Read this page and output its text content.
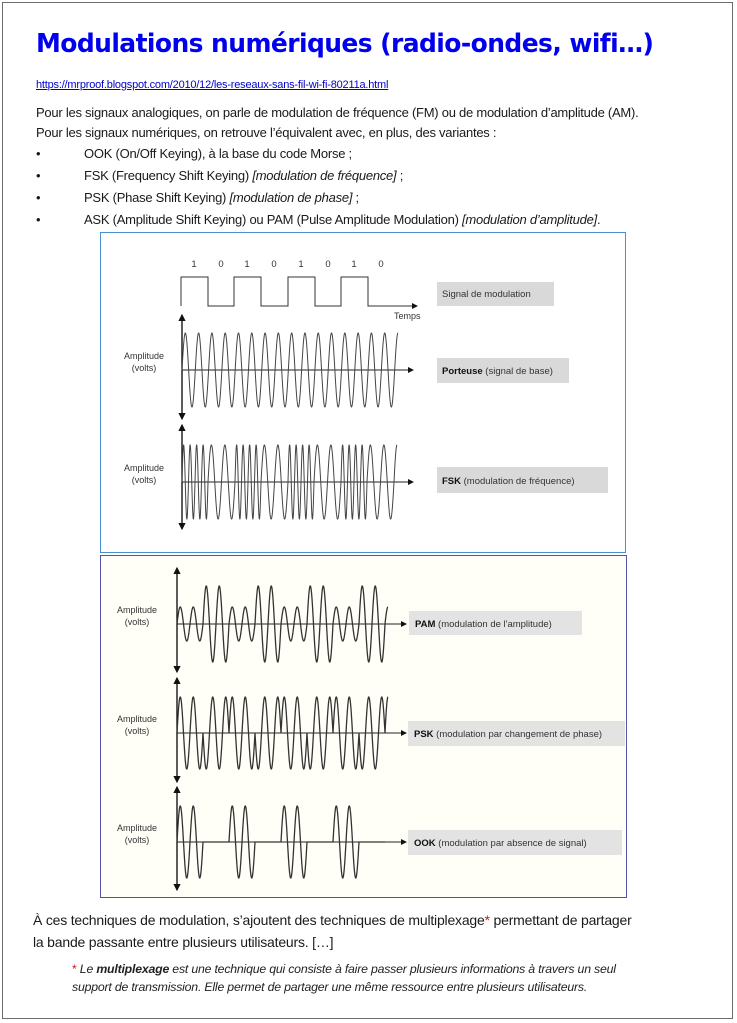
Modulations numériques (radio-ondes, wifi…)
https://mrproof.blogspot.com/2010/12/les-reseaux-sans-fil-wi-fi-80211a.html
Pour les signaux analogiques, on parle de modulation de fréquence (FM) ou de modulation d’amplitude (AM).
Pour les signaux numériques, on retrouve l’équivalent avec, en plus, des variantes :
•	OOK (On/Off Keying), à la base du code Morse ;
•	FSK (Frequency Shift Keying) [modulation de fréquence] ;
•	PSK (Phase Shift Keying) [modulation de phase] ;
•	ASK (Amplitude Shift Keying) ou PAM (Pulse Amplitude Modulation) [modulation d’amplitude].
1 0 1 0 1 0 1 0
Temps
Signal de modulation
Amplitude
(volts)	Porteuse (signal de base)
Amplitude
(volts)	FSK (modulation de fréquence)
Amplitude
(volts)	PAM (modulation de l'amplitude)
Amplitude
(volts)	PSK (modulation par changement de phase)
Amplitude
(volts)	OOK (modulation par absence de signal)
À ces techniques de modulation, s’ajoutent des techniques de multiplexage* permettant de partager
la bande passante entre plusieurs utilisateurs. […]
* Le multiplexage est une technique qui consiste à faire passer plusieurs informations à travers un seul
support de transmission. Elle permet de partager une même ressource entre plusieurs utilisateurs.
